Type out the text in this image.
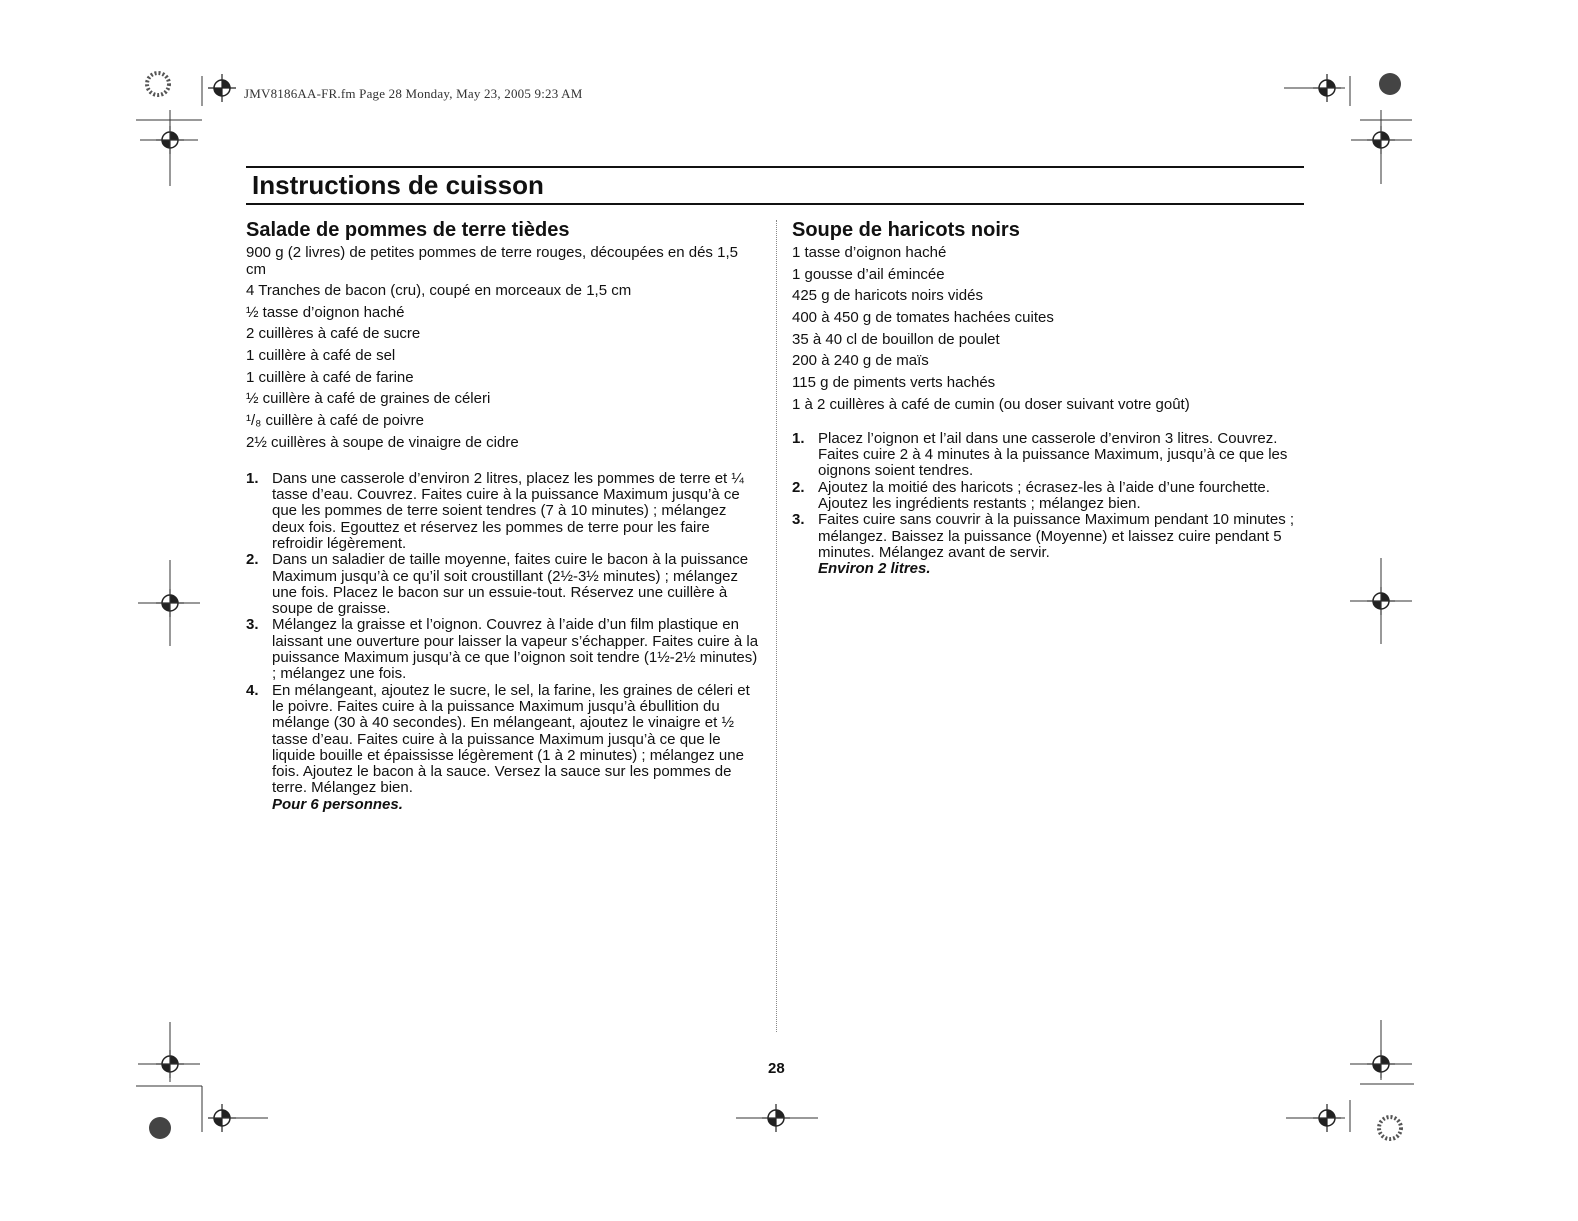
JMV8186AA-FR.fm Page 28 Monday, May 23, 2005 9:23 AM
Instructions de cuisson
Salade de pommes de terre tièdes
900 g (2 livres) de petites pommes de terre rouges, découpées en dés 1,5 cm
4 Tranches de bacon (cru), coupé en morceaux de 1,5 cm
½ tasse d’oignon haché
2 cuillères à café de sucre
1 cuillère à café de sel
1 cuillère à café de farine
½ cuillère à café de graines de céleri
¹/₈ cuillère à café de poivre
2½ cuillères à soupe de vinaigre de cidre
1. Dans une casserole d’environ 2 litres, placez les pommes de terre et ¼ tasse d’eau. Couvrez. Faites cuire à la puissance Maximum jusqu’à ce que les pommes de terre soient tendres (7 à 10 minutes) ; mélangez deux fois. Egouttez et réservez les pommes de terre pour les faire refroidir légèrement.
2. Dans un saladier de taille moyenne, faites cuire le bacon à la puissance Maximum jusqu’à ce qu’il soit croustillant (2½-3½ minutes) ; mélangez une fois. Placez le bacon sur un essuie-tout. Réservez une cuillère à soupe de graisse.
3. Mélangez la graisse et l’oignon. Couvrez à l’aide d’un film plastique en laissant une ouverture pour laisser la vapeur s’échapper. Faites cuire à la puissance Maximum jusqu’à ce que l’oignon soit tendre (1½-2½ minutes) ; mélangez une fois.
4. En mélangeant, ajoutez le sucre, le sel, la farine, les graines de céleri et le poivre. Faites cuire à la puissance Maximum jusqu’à ébullition du mélange (30 à 40 secondes). En mélangeant, ajoutez le vinaigre et ½ tasse d’eau. Faites cuire à la puissance Maximum jusqu’à ce que le liquide bouille et épaississe légèrement (1 à 2 minutes) ; mélangez une fois. Ajoutez le bacon à la sauce. Versez la sauce sur les pommes de terre. Mélangez bien.
Pour 6 personnes.
Soupe de haricots noirs
1 tasse d’oignon haché
1 gousse d’ail émincée
425 g de haricots noirs vidés
400 à 450 g de tomates hachées cuites
35 à 40 cl de bouillon de poulet
200 à 240 g de maïs
115 g de piments verts hachés
1 à 2 cuillères à café de cumin (ou doser suivant votre goût)
1. Placez l’oignon et l’ail dans une casserole d’environ 3 litres. Couvrez. Faites cuire 2 à 4 minutes à la puissance Maximum, jusqu’à ce que les oignons soient tendres.
2. Ajoutez la moitié des haricots ; écrasez-les à l’aide d’une fourchette. Ajoutez les ingrédients restants ; mélangez bien.
3. Faites cuire sans couvrir à la puissance Maximum pendant 10 minutes ; mélangez. Baissez la puissance (Moyenne) et laissez cuire pendant 5 minutes. Mélangez avant de servir.
Environ 2 litres.
28
